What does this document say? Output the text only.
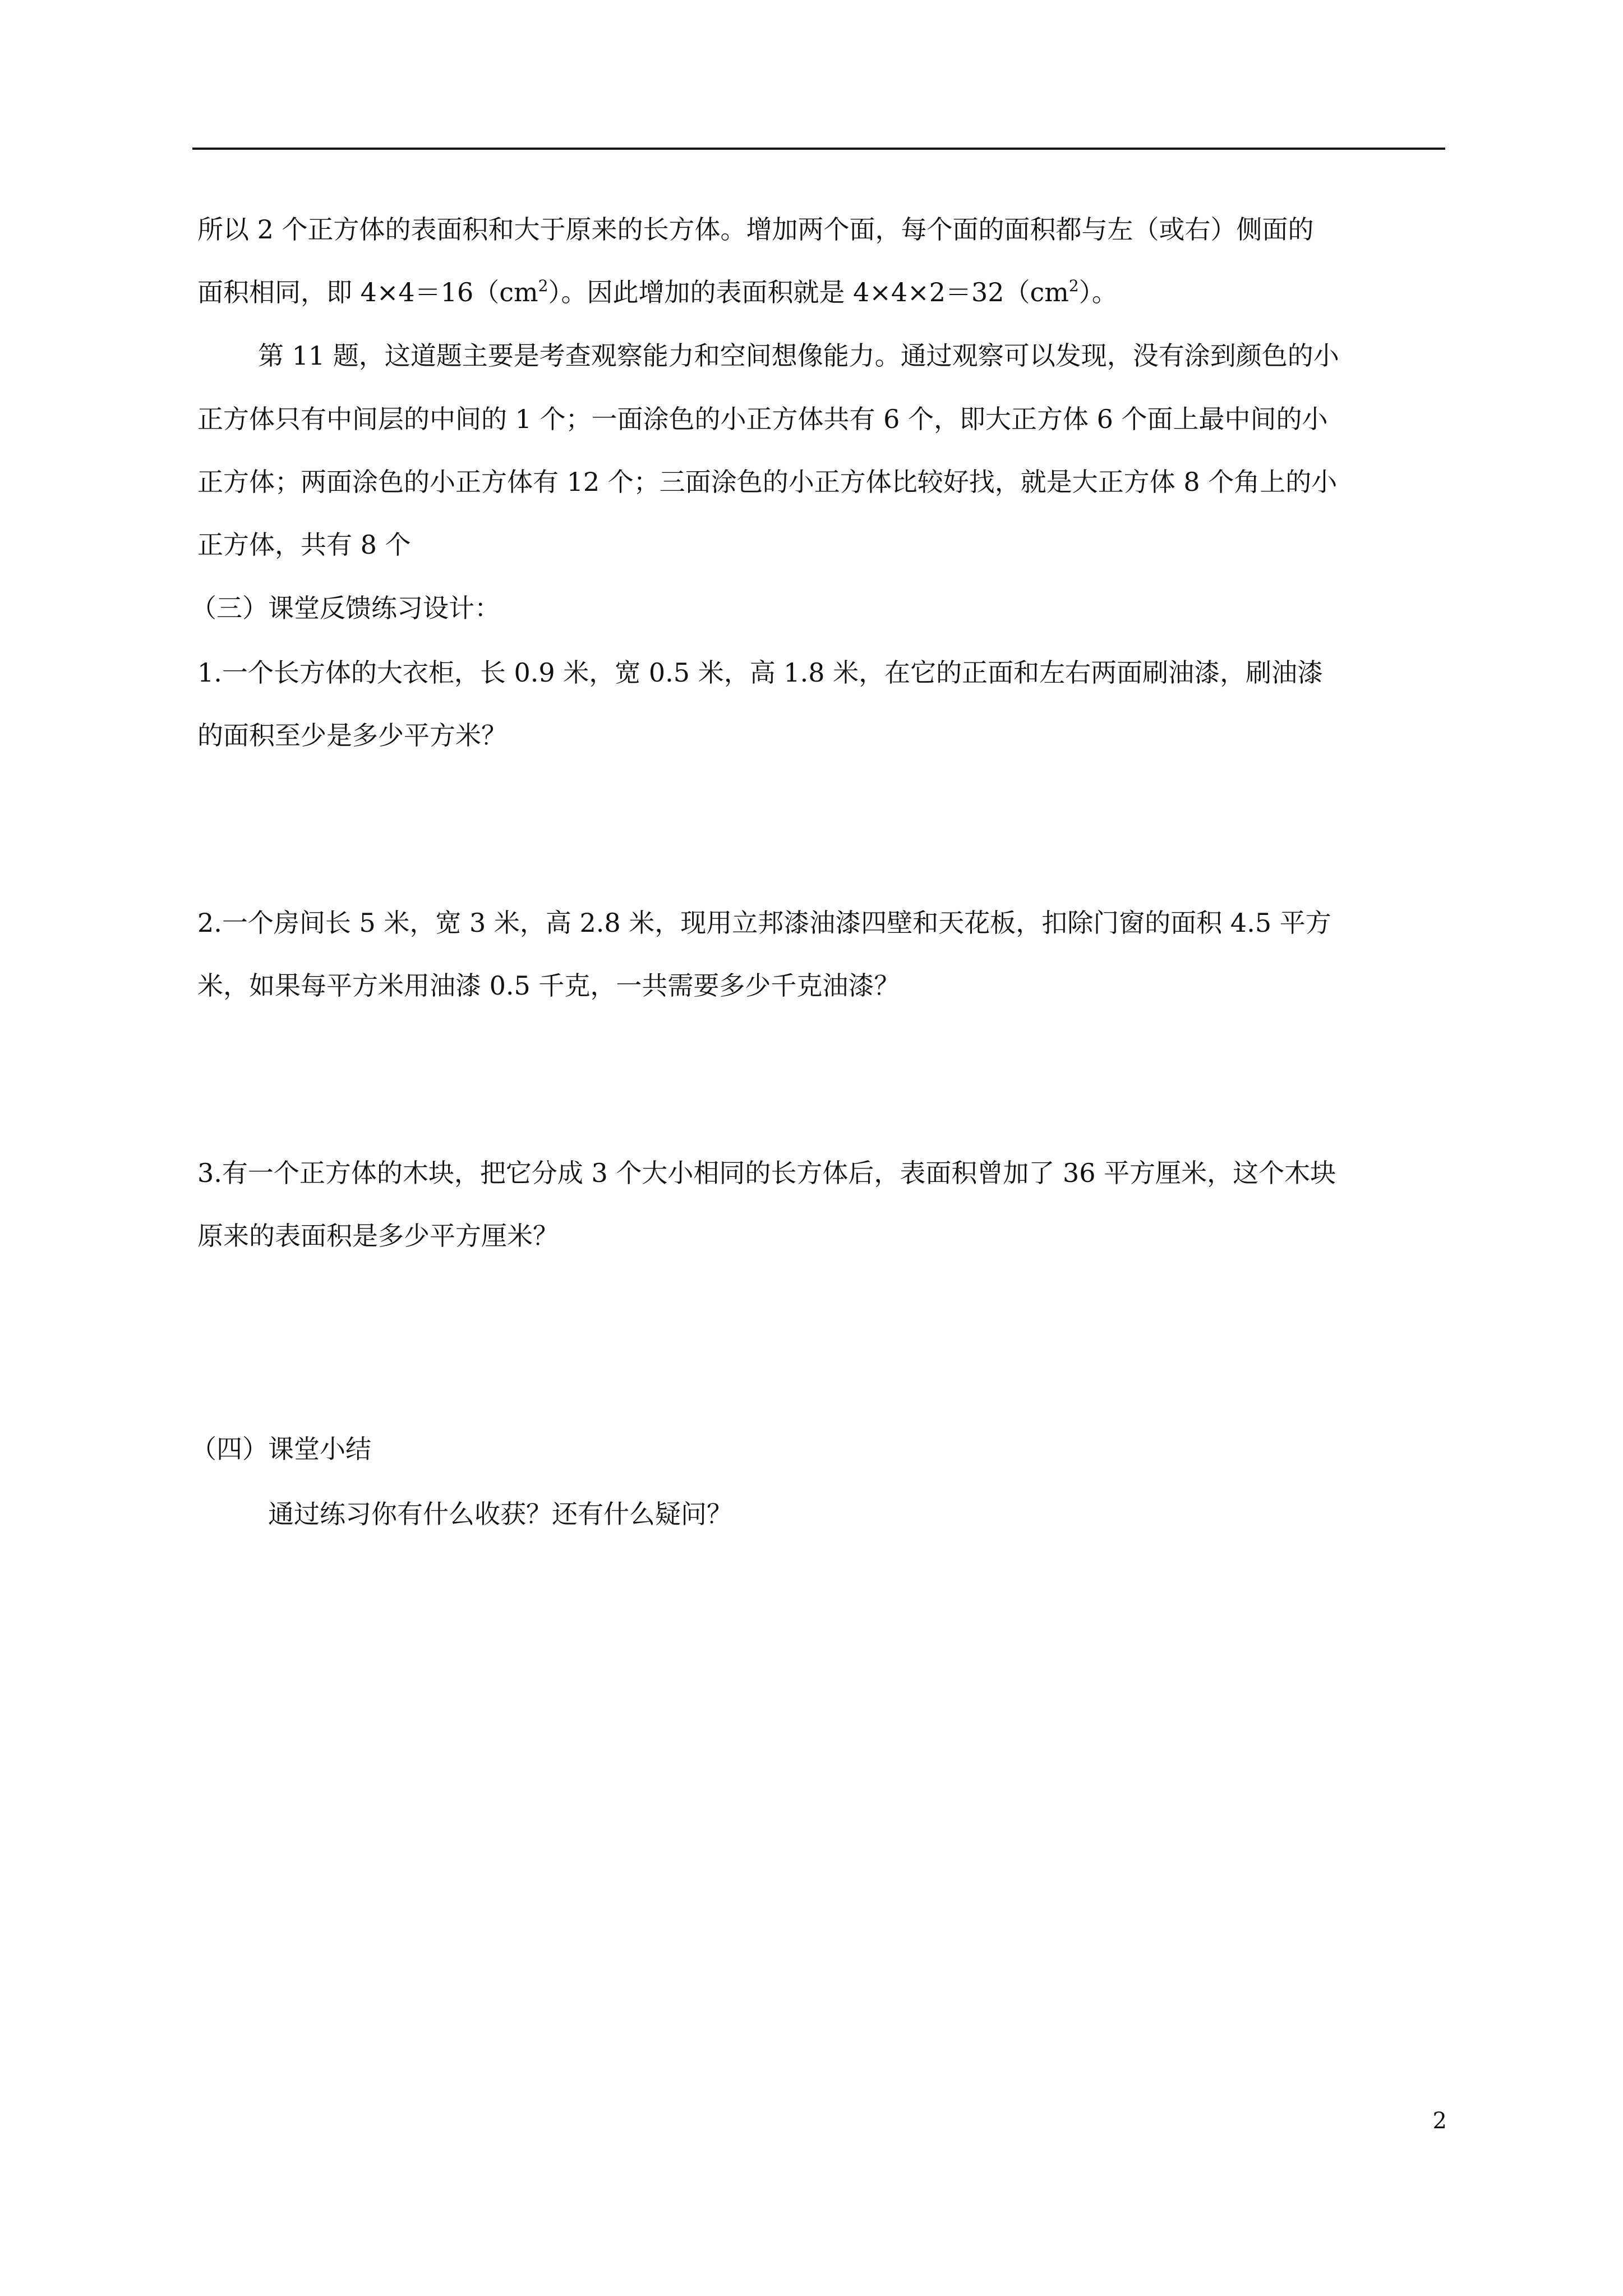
所以 2 个正方体的表面积和大于原来的长方体。增加两个面，每个面的面积都与左（或右）侧面的
面积相同，即 $4\times 4=16(cm^2)$。因此增加的表面积就是 $4\times 4\times 2=32(cm^2)$。
第 11 题，这道题主要是考查观察能力和空间想像能力。通过观察可以发现，没有涂到颜色的小
正方体只有中间层的中间的 1 个；一面涂色的小正方体共有 6 个，即大正方体 6 个面上最中间的小
正方体；两面涂色的小正方体有 12 个；三面涂色的小正方体比较好找，就是大正方体 8 个角上的小
正方体，共有 8 个
（三）课堂反馈练习设计：
1.一个长方体的大衣柜，长 0.9 米，宽 0.5 米，高 1.8 米，在它的正面和左右两面刷油漆，刷油漆
的面积至少是多少平方米？
2.一个房间长 5 米，宽 3 米，高 2.8 米，现用立邦漆油漆四壁和天花板，扣除门窗的面积 4.5 平方
米，如果每平方米用油漆 0.5 千克，一共需要多少千克油漆？
3.有一个正方体的木块，把它分成 3 个大小相同的长方体后，表面积曾加了 36 平方厘米，这个木块
原来的表面积是多少平方厘米？
（四）课堂小结
通过练习你有什么收获？还有什么疑问？
2
